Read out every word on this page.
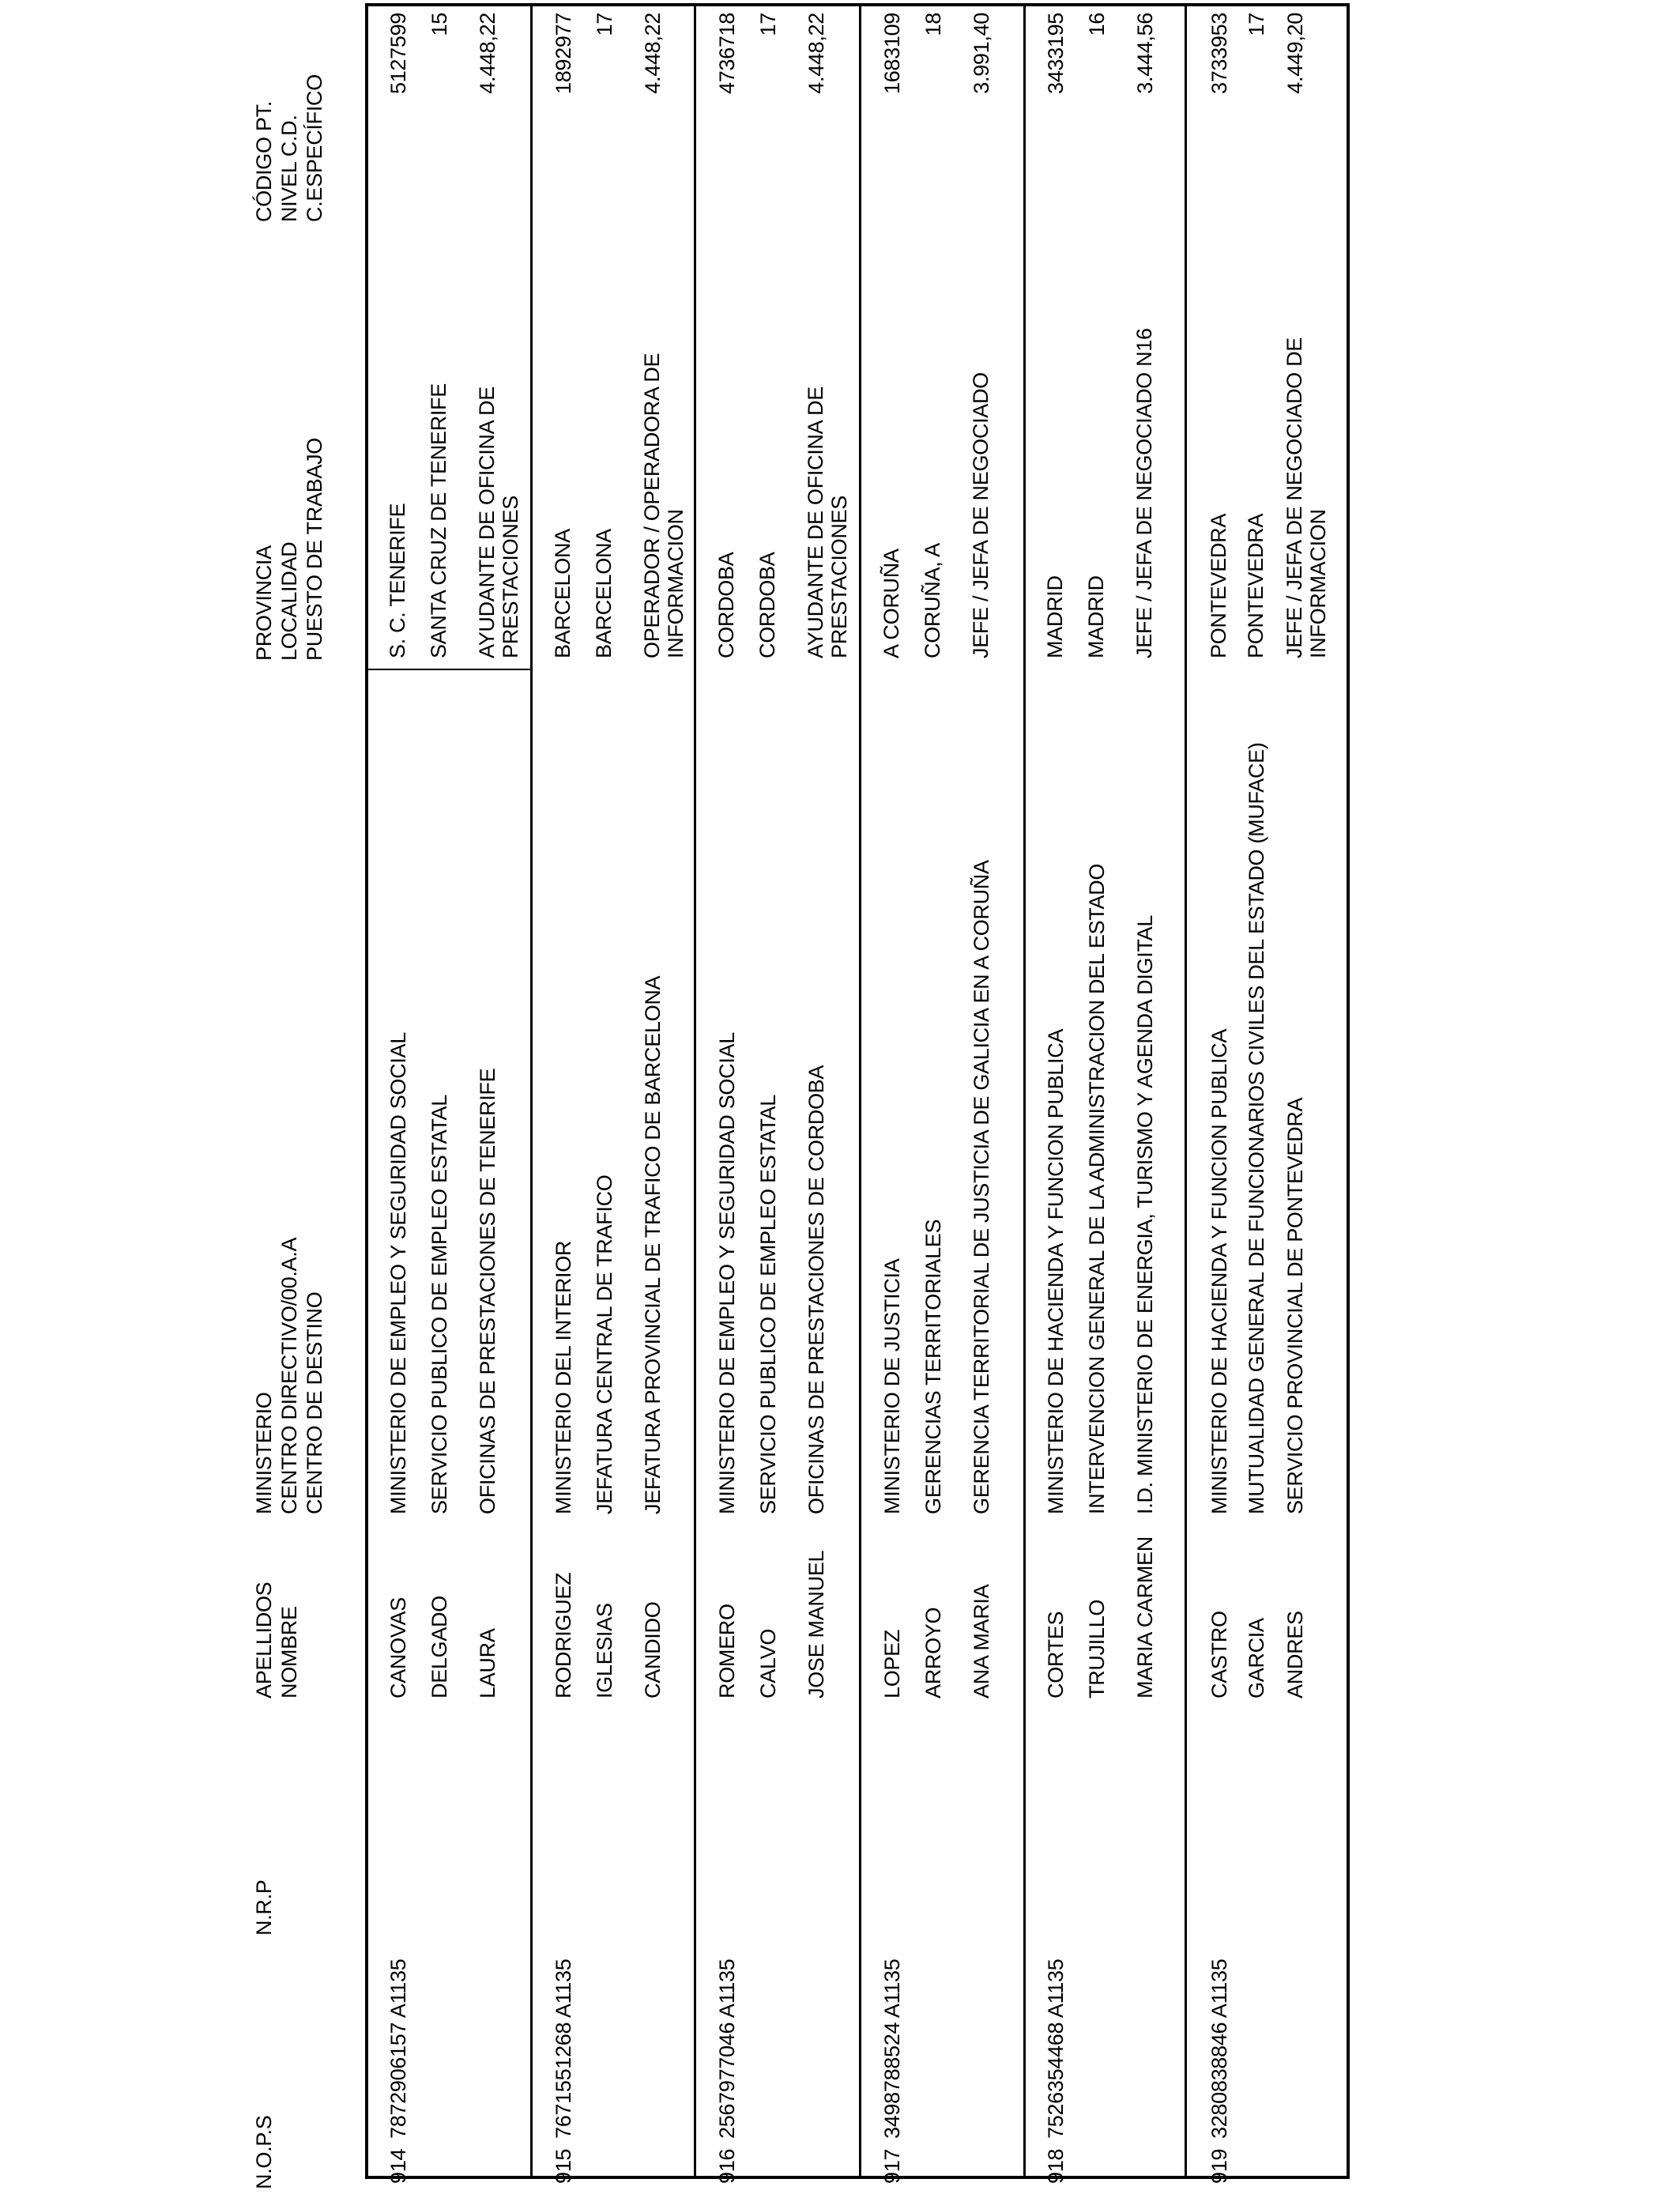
N.O.P.S
N.R.P
APELLIDOS NOMBRE
MINISTERIO CENTRO DIRECTIVO/00.A.A CENTRO DE DESTINO
PROVINCIA LOCALIDAD PUESTO DE TRABAJO
CÓDIGO PT. NIVEL C.D. C.ESPECÍFICO
914
7872906157 A1135
CANOVAS DELGADO LAURA
MINISTERIO DE EMPLEO Y SEGURIDAD SOCIAL SERVICIO PUBLICO DE EMPLEO ESTATAL OFICINAS DE PRESTACIONES DE TENERIFE
S. C. TENERIFE SANTA CRUZ DE TENERIFE AYUDANTE DE OFICINA DE PRESTACIONES
5127599 15 4.448,22
915
7671551268 A1135
RODRIGUEZ IGLESIAS CANDIDO
MINISTERIO DEL INTERIOR JEFATURA CENTRAL DE TRAFICO JEFATURA PROVINCIAL DE TRAFICO DE BARCELONA
BARCELONA BARCELONA OPERADOR / OPERADORA DE INFORMACION
1892977 17 4.448,22
916
2567977046 A1135
ROMERO CALVO JOSE MANUEL
MINISTERIO DE EMPLEO Y SEGURIDAD SOCIAL SERVICIO PUBLICO DE EMPLEO ESTATAL OFICINAS DE PRESTACIONES DE CORDOBA
CORDOBA CORDOBA AYUDANTE DE OFICINA DE PRESTACIONES
4736718 17 4.448,22
917
3498788524 A1135
LOPEZ ARROYO ANA MARIA
MINISTERIO DE JUSTICIA GERENCIAS TERRITORIALES GERENCIA TERRITORIAL DE JUSTICIA DE GALICIA EN A CORUÑA
A CORUÑA CORUÑA, A JEFE / JEFA DE NEGOCIADO
1683109 18 3.991,40
918
7526354468 A1135
CORTES TRUJILLO MARIA CARMEN
MINISTERIO DE HACIENDA Y FUNCION PUBLICA INTERVENCION GENERAL DE LA ADMINISTRACION DEL ESTADO I.D. MINISTERIO DE ENERGIA, TURISMO Y AGENDA DIGITAL
MADRID MADRID JEFE / JEFA DE NEGOCIADO N16
3433195 16 3.444,56
919
3280838846 A1135
CASTRO GARCIA ANDRES
MINISTERIO DE HACIENDA Y FUNCION PUBLICA MUTUALIDAD GENERAL DE FUNCIONARIOS CIVILES DEL ESTADO (MUFACE) SERVICIO PROVINCIAL DE PONTEVEDRA
PONTEVEDRA PONTEVEDRA JEFE / JEFA DE NEGOCIADO DE INFORMACION
3733953 17 4.449,20
